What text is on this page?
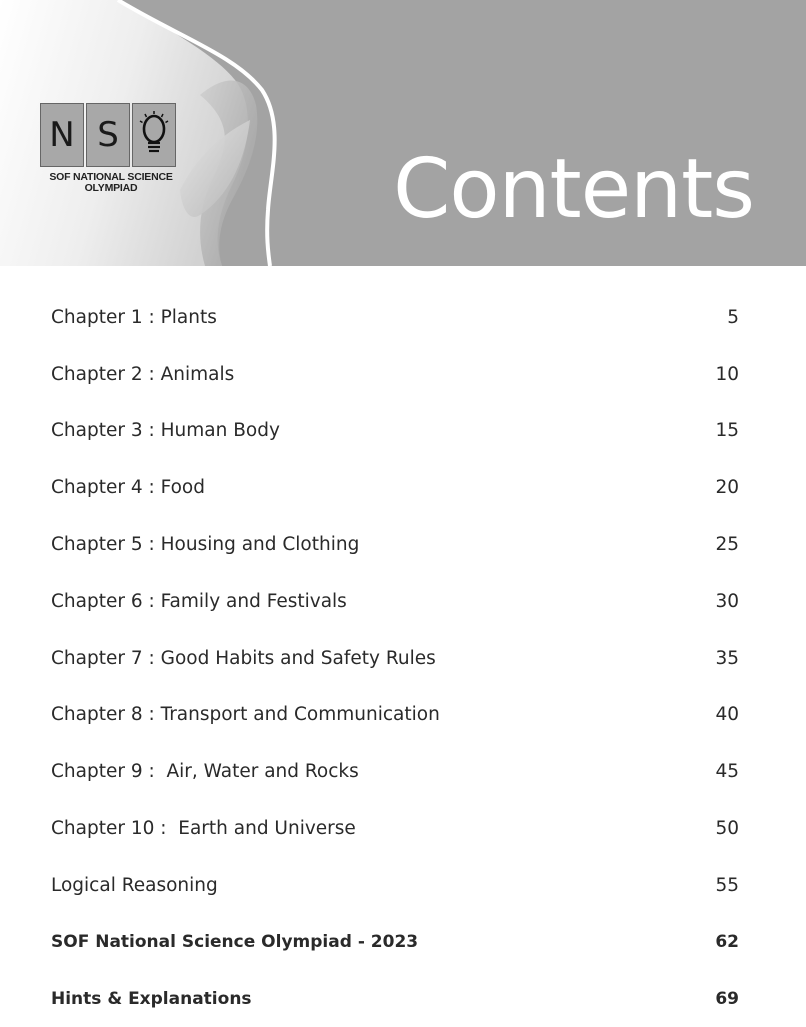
N S
SOF NATIONAL SCIENCE
OLYMPIAD	Contents
Chapter 1 : Plants	5
Chapter 2 : Animals	10
Chapter 3 : Human Body	15
Chapter 4 : Food	20
Chapter 5 : Housing and Clothing	25
Chapter 6 : Family and Festivals	30
Chapter 7 : Good Habits and Safety Rules	35
Chapter 8 : Transport and Communication	40
Chapter 9 :  Air, Water and Rocks	45
Chapter 10 :  Earth and Universe	50
Logical Reasoning	55
SOF National Science Olympiad - 2023	62
Hints & Explanations	69
